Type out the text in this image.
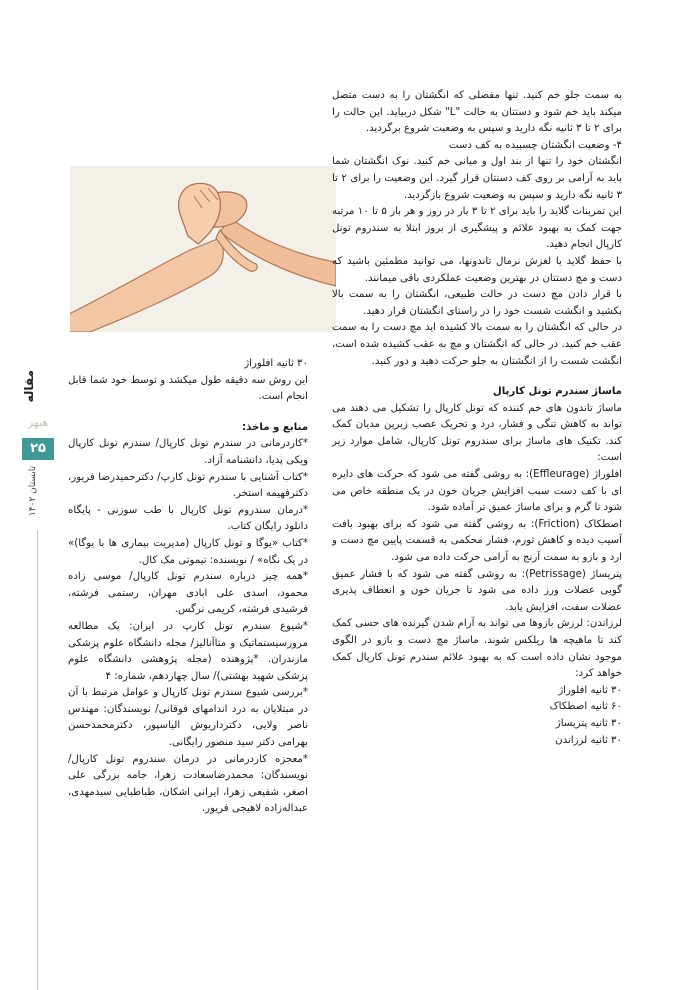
مقاله
هیهر
۲۵
تابستان ۱۴۰۲

به سمت جلو خم کنید. تنها مفصلی که انگشتان را به دست متصل میکند باید خم شود و دستتان به حالت "L" شکل دربیاید. این حالت را برای ۲ تا ۳ ثانیه نگه دارید و سپس به وضعیت شروع برگردید.

۴- وضعیت انگشتان چسبیده به کف دست

انگشتان خود را تنها از بند اول و میانی خم کنید. نوک انگشتان شما باید به آرامی بر روی کف دستتان قرار گیرد. این وضعیت را برای ۲ تا ۳ ثانیه نگه دارید و سپس به وضعیت شروع بازگردید.

این تمرینات گلاید را باید برای ۲ تا ۳ بار در روز و هر بار ۵ تا ۱۰ مرتبه جهت کمک به بهبود علائم و پیشگیری از بروز ابتلا به سندروم تونل کارپال انجام دهید.

با حفظ گلاید یا لغزش نرمال تاندونها، می توانید مطمئین باشید که دست و مچ دستتان در بهترین وضعیت عملکردی باقی میمانند.

با قرار دادن مچ دست در حالت طبیعی، انگشتان را به سمت بالا بکشید و انگشت شست خود را در راستای انگشتان قرار دهید.

در حالی که انگشتان را به سمت بالا کشیده اید مچ دست را به سمت عقب خم کنید. در حالی که انگشتان و مچ به عقب کشیده شده است، انگشت شست را از انگشتان به جلو حرکت دهید و دور کنید.

ماساژ سندرم تونل کارپال

ماساژ تاندون های خم کننده که تونل کارپال را تشکیل می دهند می تواند به کاهش تنگی و فشار، درد و تحریک عصب زیرین مدیان کمک کند. تکنیک های ماساژ برای سندروم تونل کارپال، شامل موارد زیر است:

افلوراژ (Effleurage): به روشی گفته می شود که حرکت های دایره ای با کف دست سبب افزایش جریان خون در یک منطقه خاص می شود تا گرم و برای ماساژ عمیق تر آماده شود.

اصطکاک (Friction): به روشی گفته می شود که برای بهبود بافت آسیب دیده و کاهش تورم، فشار محکمی به قسمت پایین مچ دست و ارد و بازو به سمت آرنج به آرامی حرکت داده می شود.

پتریساژ (Petrissage): به روشی گفته می شود که با فشار عمیق گویی عضلات ورز داده می شود تا جریان خون و انعطاف پذیری عضلات سفت، افزایش یابد.

لرزاندن: لرزش بازوها می تواند به آرام شدن گیرنده های حسی کمک کند تا ماهیچه ها ریلکس شوند. ماساژ مچ دست و بازو در الگوی موجود نشان داده است که به بهبود علائم سندرم تونل کارپال کمک خواهد کرد:

۳۰ ثانیه افلوراژ

۶۰ ثانیه اصطکاک

۳۰ ثانیه پتریساژ

۳۰ ثانیه لرزاندن

۳۰ ثانیه افلوراژ

این روش سه دقیقه طول میکشد و توسط خود شما قابل انجام است.

منابع و ماخذ:

*کاردرمانی در سندرم تونل کارپال/ سندرم تونل کارپال ویکی پدیا، دانشنامه آزاد.

*کتاب آشنایی با سندرم تونل کارپ/ دکترحمیدرضا فریور، دکترفهیمه استخر.

*درمان سندروم تونل کارپال با طب سوزنی - پایگاه دانلود رایگان کتاب.

*کتاب «یوگا و تونل کارپال (مدیریت بیماری ها با یوگا)» در یک نگاه» / نویسنده: تیموتی مک کال.

*همه چیز درباره سندرم تونل کارپال/ موسی زاده محمود، اسدی علی ابادی مهران، رستمی فرشته، فرشیدی فرشته، کریمی نرگس.

*شیوع سندرم تونل کارپ در ایران: یک مطالعه مرورسیستماتیک و متاآنالیز/ مجله دانشگاه علوم پزشکی مازندران. *پژوهنده (مجله پژوهشی دانشگاه علوم پزشکی شهید بهشتی)/ سال چهاردهم، شماره: ۴

*بررسی شیوع سندرم تونل کارپال و عوامل مرتبط با آن در مبتلایان به درد اندامهای فوقانی/ نویسندگان: مهندس ناصر ولایی، دکترداریوش الیاسپور، دکترمحمدحسن بهرامی دکتر سید منصور رایگانی.

*معجزه کاردرمانی در درمان سندروم تونل کارپال/ نویسندگان: محمدرضاسعادت زهرا، جامه بزرگی علی اصغر، شفیعی زهرا، ایرانی اشکان، طباطبایی سیدمهدی، عبداله‌زاده لاهیجی فریور.
